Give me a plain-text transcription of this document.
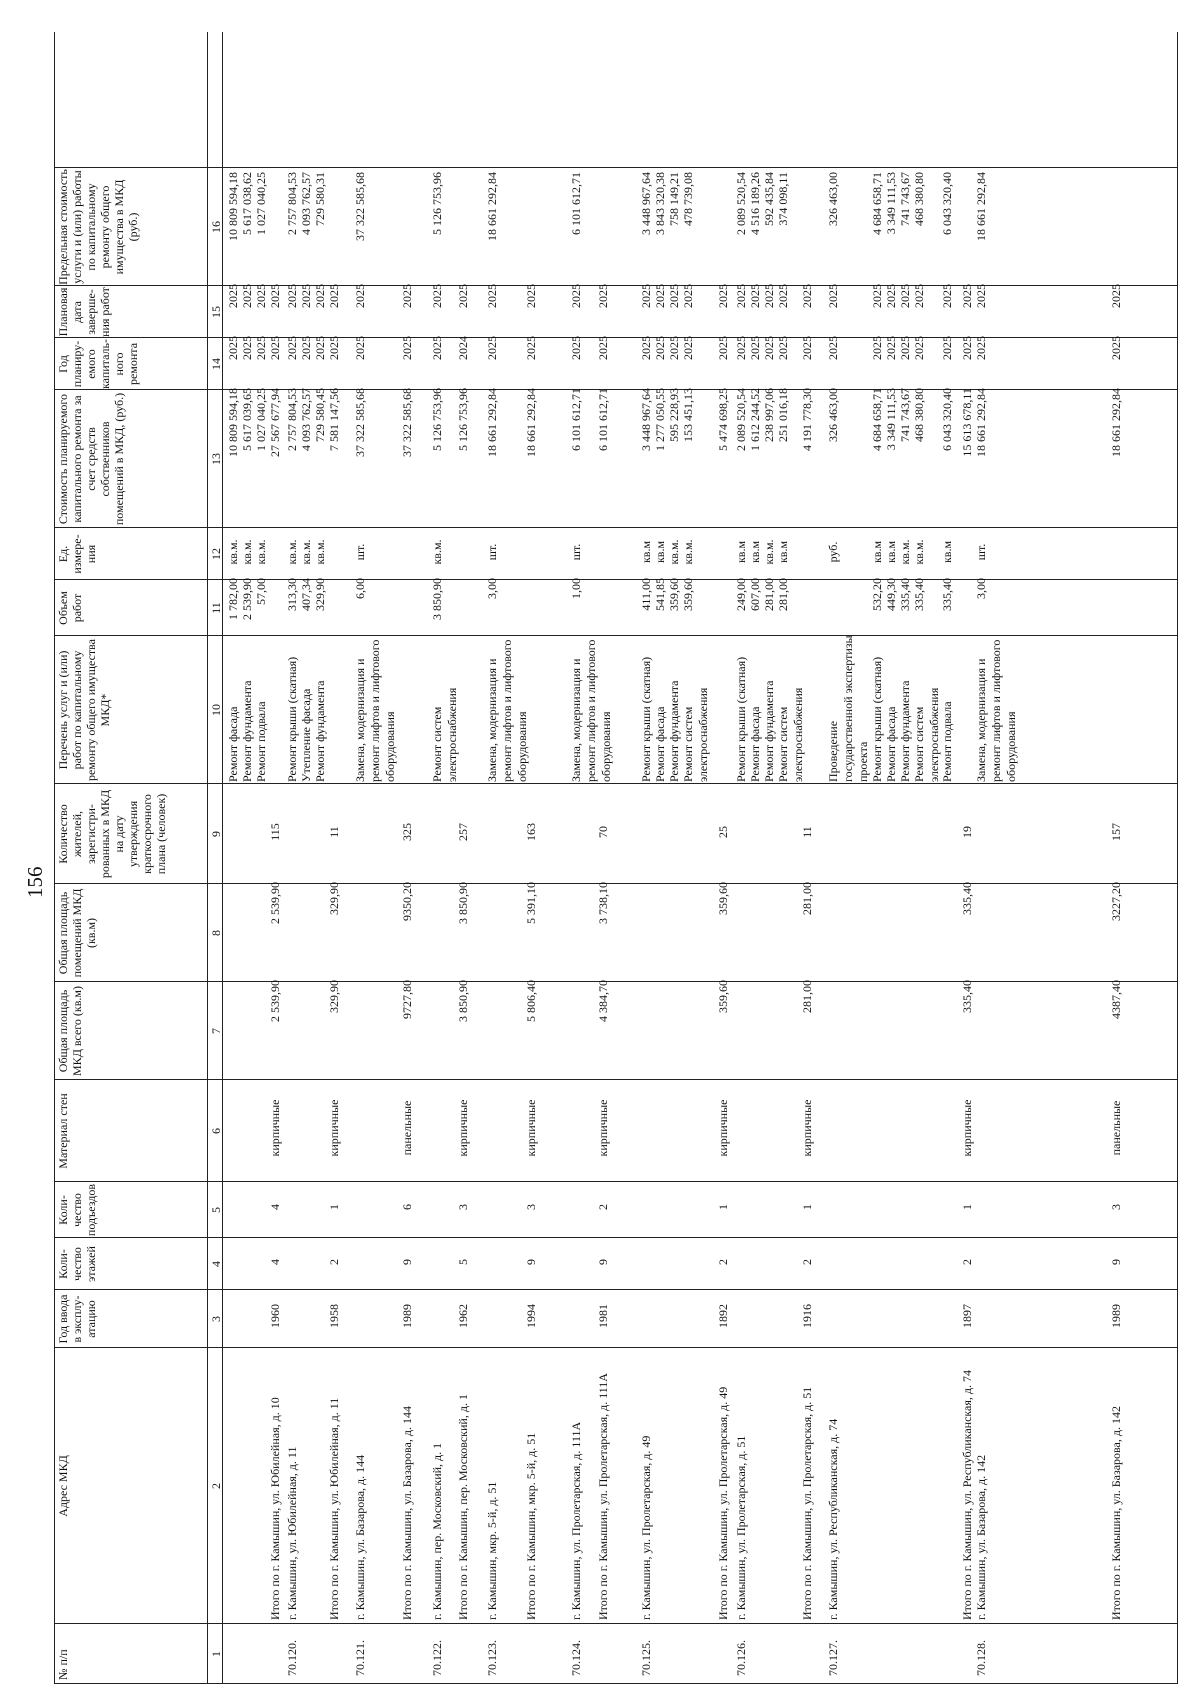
156
№ п/п
Адрес МКД
Год ввода в эксплу-атацию
Коли-чество этажей
Коли-чество подъездов
Материал стен
Общая площадь МКД всего (кв.м)
Общая площадь помещений МКД (кв.м)
Количество жителей, зарегистри-рованных в МКД на дату утверждения краткосрочного плана (человек)
Перечень услуг и (или) работ по капитальному ремонту общего имущества МКД*
Объем работ
Ед. измере-ния
Стоимость планируемого капитального ремонта за счет средств собственников помещений в МКД, (руб.)
Год планиру-емого капиталь-ного ремонта
Плановая дата заверше-ния работ
Предельная стоимость услуги и (или) работы по капитальному ремонту общего имущества в МКД (руб.)
1
2
3
4
5
6
7
8
9
10
11
12
13
14
15
16
Ремонт фасада
1 782,00
кв.м.
10 809 594,18
2025
2025
10 809 594,18
Ремонт фундамента
2 539,90
кв.м.
5 617 039,65
2025
2025
5 617 038,62
Ремонт подвала
57,00
кв.м.
1 027 040,25
2025
2025
1 027 040,25
Итого по г. Камышин, ул. Юбилейная, д. 10
1960
4
4
кирпичные
2 539,90
2 539,90
115
27 567 677,94
2025
2025
70.120.
г. Камышин, ул. Юбилейная, д. 11
Ремонт крыши (скатная)
313,30
кв.м.
2 757 804,53
2025
2025
2 757 804,53
Утепление фасада
407,34
кв.м.
4 093 762,57
2025
2025
4 093 762,57
Ремонт фундамента
329,90
кв.м.
729 580,45
2025
2025
729 580,31
Итого по г. Камышин, ул. Юбилейная, д. 11
1958
2
1
кирпичные
329,90
329,90
11
7 581 147,56
2025
2025
70.121.
г. Камышин, ул. Базарова, д. 144
Замена, модернизация и ремонт лифтов и лифтового оборудования
6,00
шт.
37 322 585,68
2025
2025
37 322 585,68
Итого по г. Камышин, ул. Базарова, д. 144
1989
9
6
панельные
9727,80
9350,20
325
37 322 585,68
2025
2025
70.122.
г. Камышин, пер. Московский, д. 1
Ремонт систем электроснабжения
3 850,90
кв.м.
5 126 753,96
2025
2025
5 126 753,96
Итого по г. Камышин, пер. Московский, д. 1
1962
5
3
кирпичные
3 850,90
3 850,90
257
5 126 753,96
2024
2025
70.123.
г. Камышин, мкр. 5-й, д. 51
Замена, модернизация и ремонт лифтов и лифтового оборудования
3,00
шт.
18 661 292,84
2025
2025
18 661 292,84
Итого по г. Камышин, мкр. 5-й, д. 51
1994
9
3
кирпичные
5 806,40
5 391,10
163
18 661 292,84
2025
2025
70.124.
г. Камышин, ул. Пролетарская, д. 111А
Замена, модернизация и ремонт лифтов и лифтового оборудования
1,00
шт.
6 101 612,71
2025
2025
6 101 612,71
Итого по г. Камышин, ул. Пролетарская, д. 111А
1981
9
2
кирпичные
4 384,70
3 738,10
70
6 101 612,71
2025
2025
70.125.
г. Камышин, ул. Пролетарская, д. 49
Ремонт крыши (скатная)
411,00
кв.м
3 448 967,64
2025
2025
3 448 967,64
Ремонт фасада
541,85
кв.м
1 277 050,55
2025
2025
3 843 320,38
Ремонт фундамента
359,60
кв.м.
595 228,93
2025
2025
758 149,21
Ремонт систем электроснабжения
359,60
кв.м.
153 451,13
2025
2025
478 739,08
Итого по г. Камышин, ул. Пролетарская, д. 49
1892
2
1
кирпичные
359,60
359,60
25
5 474 698,25
2025
2025
70.126.
г. Камышин, ул. Пролетарская, д. 51
Ремонт крыши (скатная)
249,00
кв.м
2 089 520,54
2025
2025
2 089 520,54
Ремонт фасада
607,00
кв.м
1 612 244,52
2025
2025
4 516 189,26
Ремонт фундамента
281,00
кв.м.
238 997,06
2025
2025
592 435,84
Ремонт систем электроснабжения
281,00
кв.м
251 016,18
2025
2025
374 098,11
Итого по г. Камышин, ул. Пролетарская, д. 51
1916
2
1
кирпичные
281,00
281,00
11
4 191 778,30
2025
2025
70.127.
г. Камышин, ул. Республиканская, д. 74
Проведение государственной экспертизы проекта
руб.
326 463,00
2025
2025
326 463,00
Ремонт крыши (скатная)
532,20
кв.м
4 684 658,71
2025
2025
4 684 658,71
Ремонт фасада
449,30
кв.м
3 349 111,53
2025
2025
3 349 111,53
Ремонт фундамента
335,40
кв.м.
741 743,67
2025
2025
741 743,67
Ремонт систем электроснабжения
335,40
кв.м.
468 380,80
2025
2025
468 380,80
Ремонт подвала
335,40
кв.м
6 043 320,40
2025
2025
6 043 320,40
Итого по г. Камышин, ул. Республиканская, д. 74
1897
2
1
кирпичные
335,40
335,40
19
15 613 678,11
2025
2025
70.128.
г. Камышин, ул. Базарова, д. 142
Замена, модернизация и ремонт лифтов и лифтового оборудования
3,00
шт.
18 661 292,84
2025
2025
18 661 292,84
Итого по г. Камышин, ул. Базарова, д. 142
1989
9
3
панельные
4387,40
3227,20
157
18 661 292,84
2025
2025
